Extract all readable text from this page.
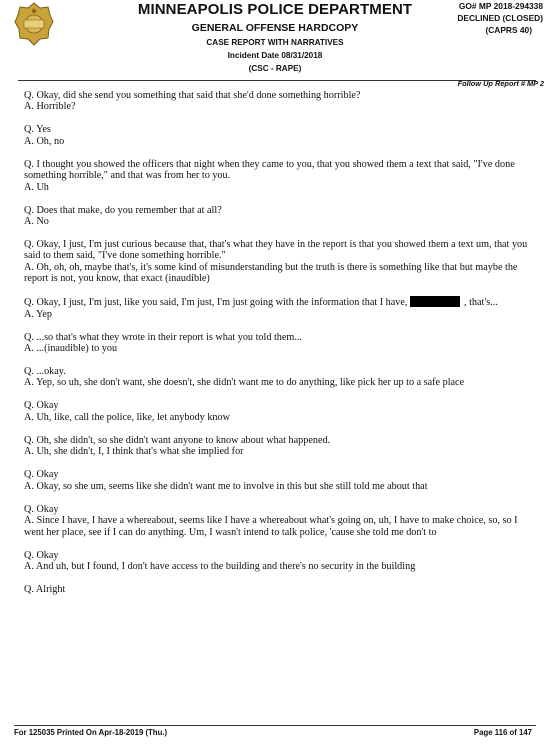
MINNEAPOLIS POLICE DEPARTMENT
GENERAL OFFENSE HARDCOPY
CASE REPORT WITH NARRATIVES
Incident Date 08/31/2018
(CSC - RAPE)
GO# MP 2018-294338
DECLINED (CLOSED)
(CAPRS 40)
Follow Up Report # MP 2
Q. Okay, did she send you something that said that she'd done something horrible?
A. Horrible?
Q. Yes
A. Oh, no
Q. I thought you showed the officers that night when they came to you, that you showed them a text that said, "I've done something horrible," and that was from her to you.
A. Uh
Q. Does that make, do you remember that at all?
A. No
Q. Okay, I just, I'm just curious because that, that's what they have in the report is that you showed them a text um, that you said to them said, "I've done something horrible."
A. Oh, oh, oh, maybe that's, it's some kind of misunderstanding but the truth is there is something like that but maybe the report is not, you know, that exact (inaudible)
Q. Okay, I just, I'm just, like you said, I'm just, I'm just going with the information that I have,	, that's...
A. Yep
Q. ...so that's what they wrote in their report is what you told them...
A. ...(inaudible) to you
Q. ...okay.
A. Yep, so uh, she don't want, she doesn't, she didn't want me to do anything, like pick her up to a safe place
Q. Okay
A. Uh, like, call the police, like, let anybody know
Q. Oh, she didn't, so she didn't want anyone to know about what happened.
A. Uh, she didn't, I, I think that's what she implied for
Q. Okay
A. Okay, so she um, seems like she didn't want me to involve in this but she still told me about that
Q. Okay
A. Since I have, I have a whereabout, seems like I have a whereabout what's going on, uh, I have to make choice, so, so I went her place, see if I can do anything. Um, I wasn't intend to talk police, 'cause she told me don't to
Q. Okay
A. And uh, but I found, I don't have access to the building and there's no security in the building
Q. Alright
For 125035 Printed On Apr-18-2019 (Thu.)	Page 116 of 147
